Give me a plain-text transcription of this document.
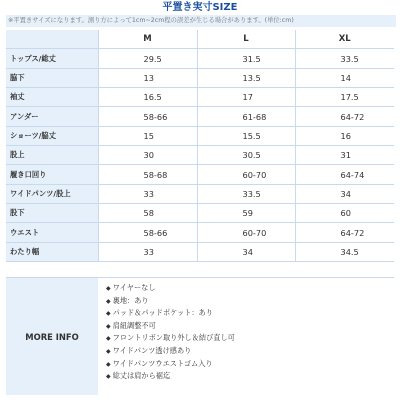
平置き実寸SIZE
※平置きサイズになります。測り方によって1cm~2cm程の誤差が生じる場合があります。(単位:cm)
	M	L	XL
トップス/総丈	29.5	31.5	33.5
脇下	13	13.5	14
袖丈	16.5	17	17.5
アンダー	58-66	61-68	64-72
ショーツ/脇丈	15	15.5	16
股上	30	30.5	31
履き口回り	58-68	60-70	64-74
ワイドパンツ/股上	33	33.5	34
股下	58	59	60
ウエスト	58-66	60-70	64-72
わたり幅	33	34	34.5
MORE INFO
◆ ワイヤーなし
◆ 裏地：あり
◆ パッド＆パッドポケット：あり
◆ 肩紐調整不可
◆ フロントリボン取り外し＆結び直し可
◆ ワイドパンツ透け感あり
◆ ワイドパンツウエストゴム入り
◆ 総丈は肩から裾迄
